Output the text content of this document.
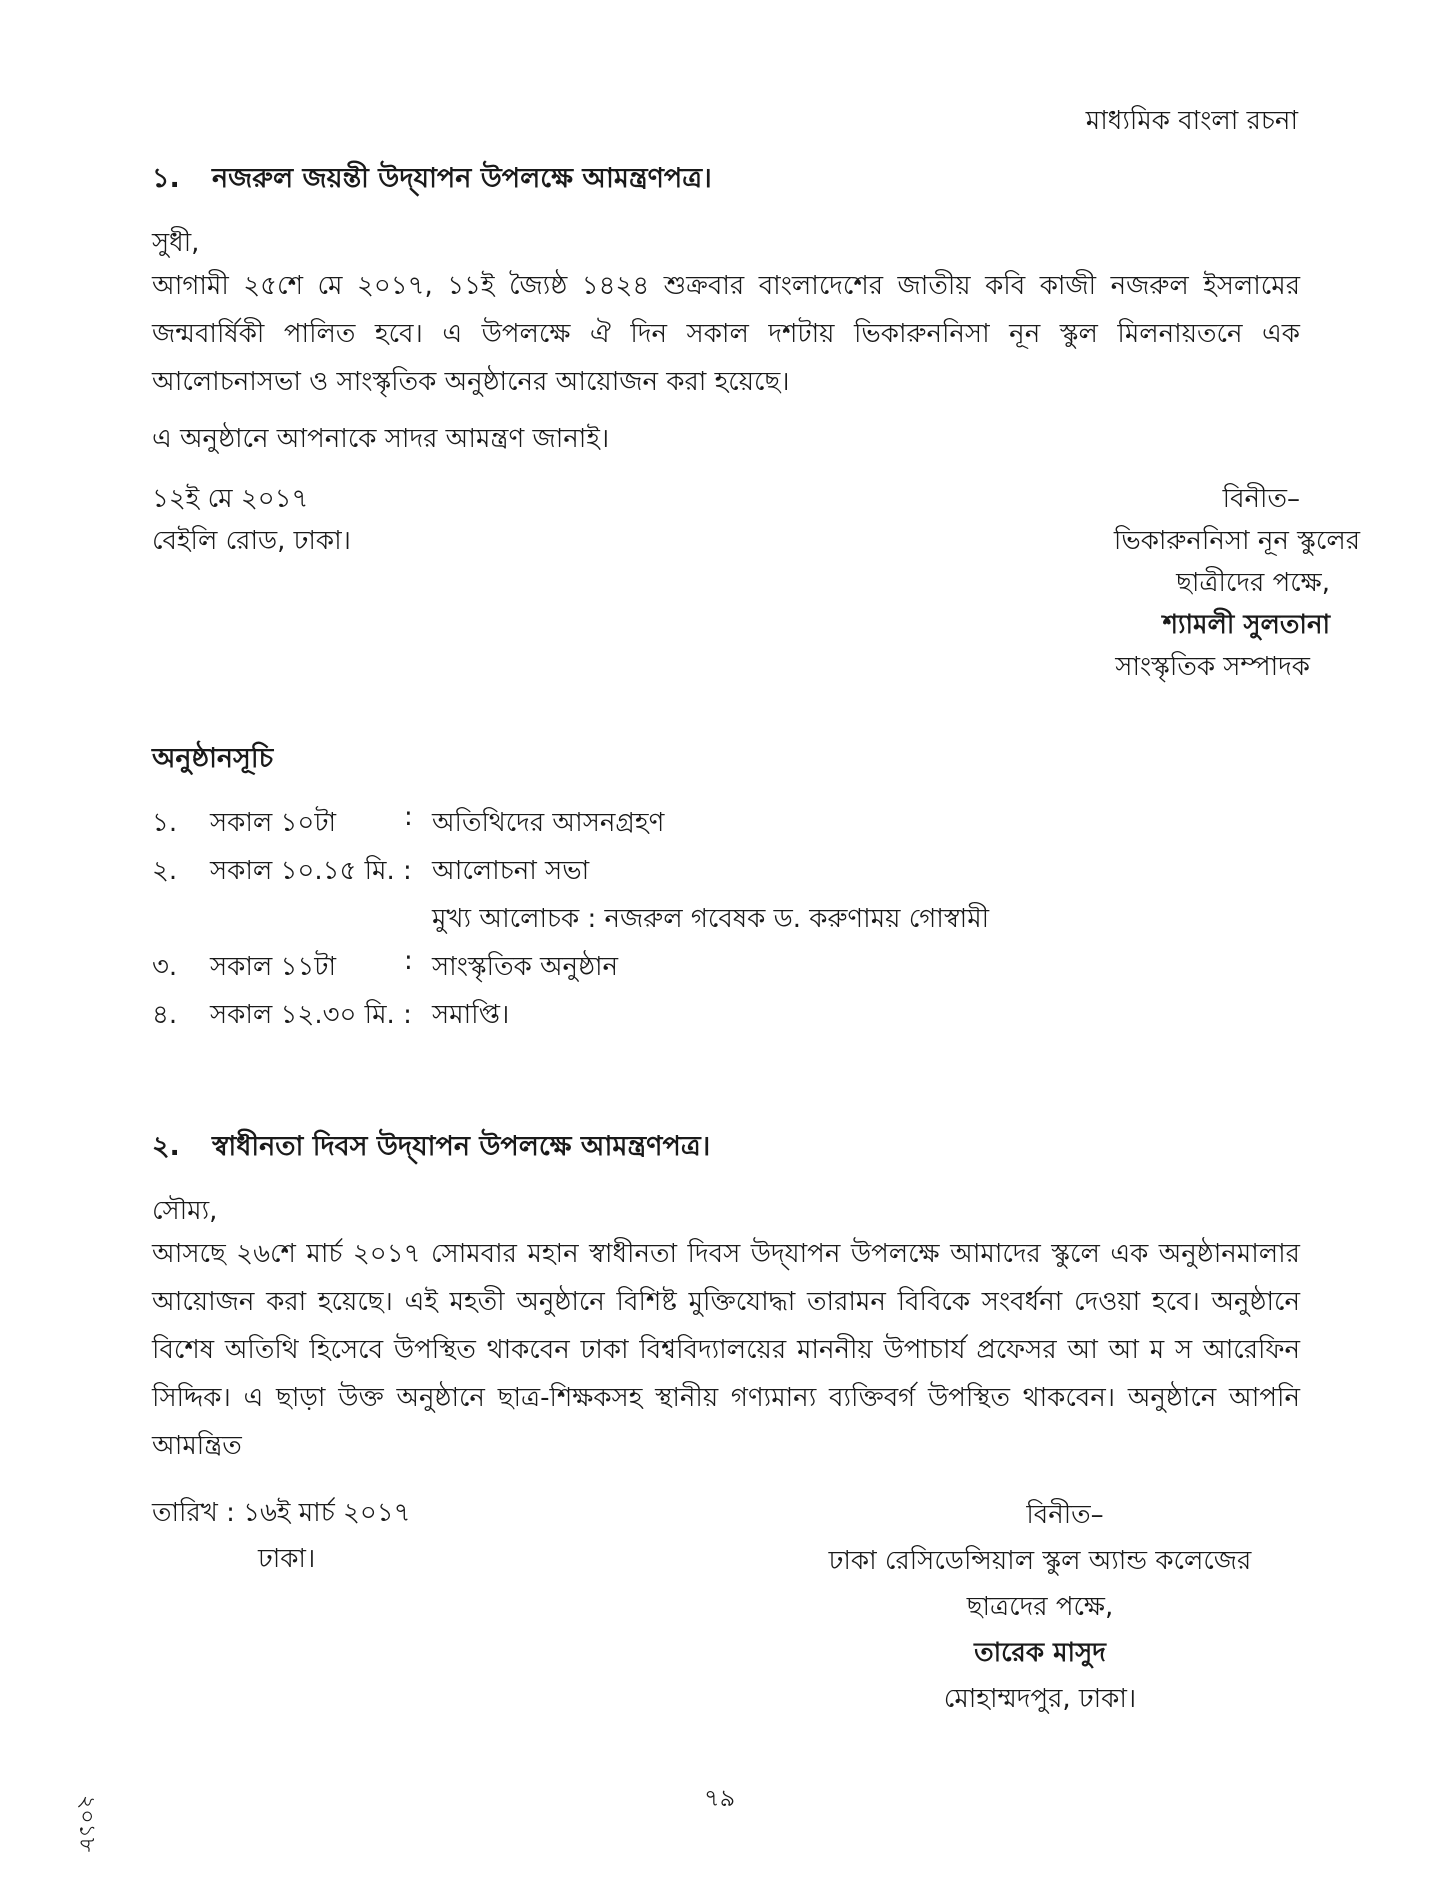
মাধ্যমিক বাংলা রচনা
১. নজরুল জয়ন্তী উদ্‌যাপন উপলক্ষে আমন্ত্রণপত্র।
সুধী,
আগামী ২৫শে মে ২০১৭, ১১ই জ্যৈষ্ঠ ১৪২৪ শুক্রবার বাংলাদেশের জাতীয় কবি কাজী নজরুল ইসলামের জন্মবার্ষিকী পালিত হবে। এ উপলক্ষে ঐ দিন সকাল দশটায় ভিকারুননিসা নূন স্কুল মিলনায়তনে এক আলোচনাসভা ও সাংস্কৃতিক অনুষ্ঠানের আয়োজন করা হয়েছে।
এ অনুষ্ঠানে আপনাকে সাদর আমন্ত্রণ জানাই।
১২ই মে ২০১৭
বেইলি রোড, ঢাকা।
বিনীত–
ভিকারুননিসা নূন স্কুলের
ছাত্রীদের পক্ষে,
শ্যামলী সুলতানা
সাংস্কৃতিক সম্পাদক
অনুষ্ঠানসূচি
১. সকাল ১০টা	: অতিথিদের আসনগ্রহণ
২. সকাল ১০.১৫ মি. : আলোচনা সভা
মুখ্য আলোচক : নজরুল গবেষক ড. করুণাময় গোস্বামী
৩. সকাল ১১টা	: সাংস্কৃতিক অনুষ্ঠান
৪. সকাল ১২.৩০ মি. : সমাপ্তি।
২. স্বাধীনতা দিবস উদ্‌যাপন উপলক্ষে আমন্ত্রণপত্র।
সৌম্য,
আসছে ২৬শে মার্চ ২০১৭ সোমবার মহান স্বাধীনতা দিবস উদ্‌যাপন উপলক্ষে আমাদের স্কুলে এক অনুষ্ঠানমালার আয়োজন করা হয়েছে। এই মহতী অনুষ্ঠানে বিশিষ্ট মুক্তিযোদ্ধা তারামন বিবিকে সংবর্ধনা দেওয়া হবে। অনুষ্ঠানে বিশেষ অতিথি হিসেবে উপস্থিত থাকবেন ঢাকা বিশ্ববিদ্যালয়ের মাননীয় উপাচার্য প্রফেসর আ আ ম স আরেফিন সিদ্দিক। এ ছাড়া উক্ত অনুষ্ঠানে ছাত্র-শিক্ষকসহ স্থানীয় গণ্যমান্য ব্যক্তিবর্গ উপস্থিত থাকবেন। অনুষ্ঠানে আপনি আমন্ত্রিত
তারিখ : ১৬ই মার্চ ২০১৭
ঢাকা।
বিনীত–
ঢাকা রেসিডেন্সিয়াল স্কুল অ্যান্ড কলেজের
ছাত্রদের পক্ষে,
তারেক মাসুদ
মোহাম্মদপুর, ঢাকা।
৭৯
২০১৮
